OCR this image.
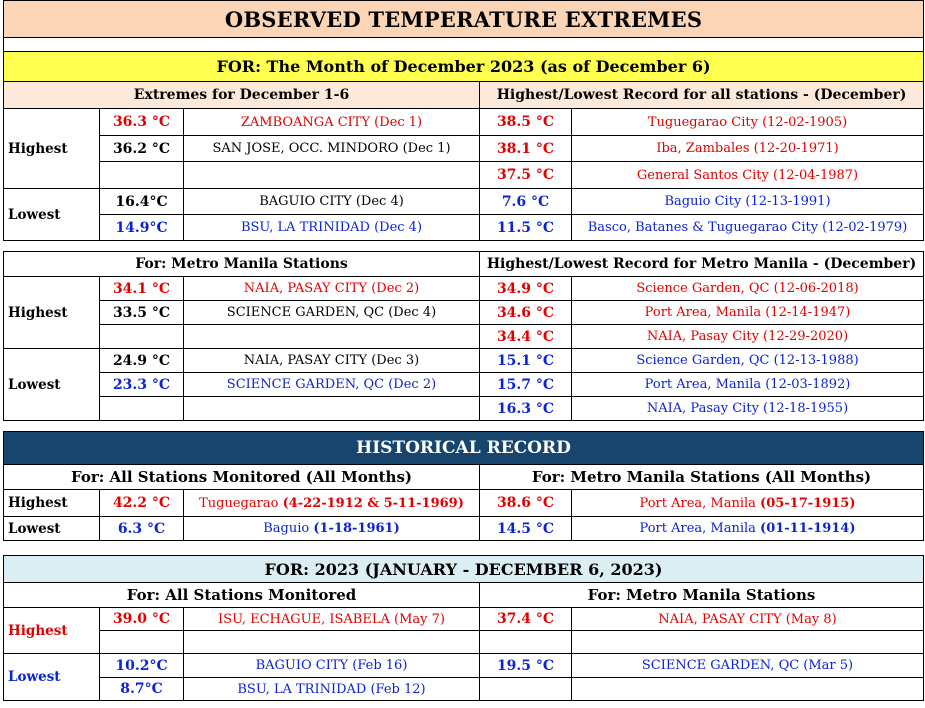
OBSERVED TEMPERATURE EXTREMES				

FOR: The Month of December 2023 (as of December 6)				
Extremes for December 1-6			Highest/Lowest Record for all stations - (December)	
Highest	36.3 °C	ZAMBOANGA CITY (Dec 1)	38.5 °C	Tuguegarao City (12-02-1905)
	36.2 °C	SAN JOSE, OCC. MINDORO (Dec 1)	38.1 °C	Iba, Zambales (12-20-1971)
			37.5 °C	General Santos City (12-04-1987)
Lowest	16.4°C	BAGUIO CITY (Dec 4)	7.6 °C	Baguio City (12-13-1991)
	14.9°C	BSU, LA TRINIDAD (Dec 4)	11.5 °C	Basco, Batanes & Tuguegarao City (12-02-1979)
For: Metro Manila Stations			Highest/Lowest Record for Metro Manila - (December)	
Highest	34.1 °C	NAIA, PASAY CITY (Dec 2)	34.9 °C	Science Garden, QC (12-06-2018)
	33.5 °C	SCIENCE GARDEN, QC (Dec 4)	34.6 °C	Port Area, Manila (12-14-1947)
			34.4 °C	NAIA, Pasay City (12-29-2020)
Lowest	24.9 °C	NAIA, PASAY CITY (Dec 3)	15.1 °C	Science Garden, QC (12-13-1988)
	23.3 °C	SCIENCE GARDEN, QC (Dec 2)	15.7 °C	Port Area, Manila (12-03-1892)
			16.3 °C	NAIA, Pasay City (12-18-1955)
HISTORICAL RECORD				
For: All Stations Monitored (All Months)			For: Metro Manila Stations (All Months)	
Highest	42.2 °C	Tuguegarao (4-22-1912 & 5-11-1969)	38.6 °C	Port Area, Manila (05-17-1915)
Lowest	6.3 °C	Baguio (1-18-1961)	14.5 °C	Port Area, Manila (01-11-1914)
FOR: 2023 (JANUARY - DECEMBER 6, 2023)				
For: All Stations Monitored			For: Metro Manila Stations	
Highest	39.0 °C	ISU, ECHAGUE, ISABELA (May 7)	37.4 °C	NAIA, PASAY CITY (May 8)

Lowest	10.2°C	BAGUIO CITY (Feb 16)	19.5 °C	SCIENCE GARDEN, QC (Mar 5)
	8.7°C	BSU, LA TRINIDAD (Feb 12)		
